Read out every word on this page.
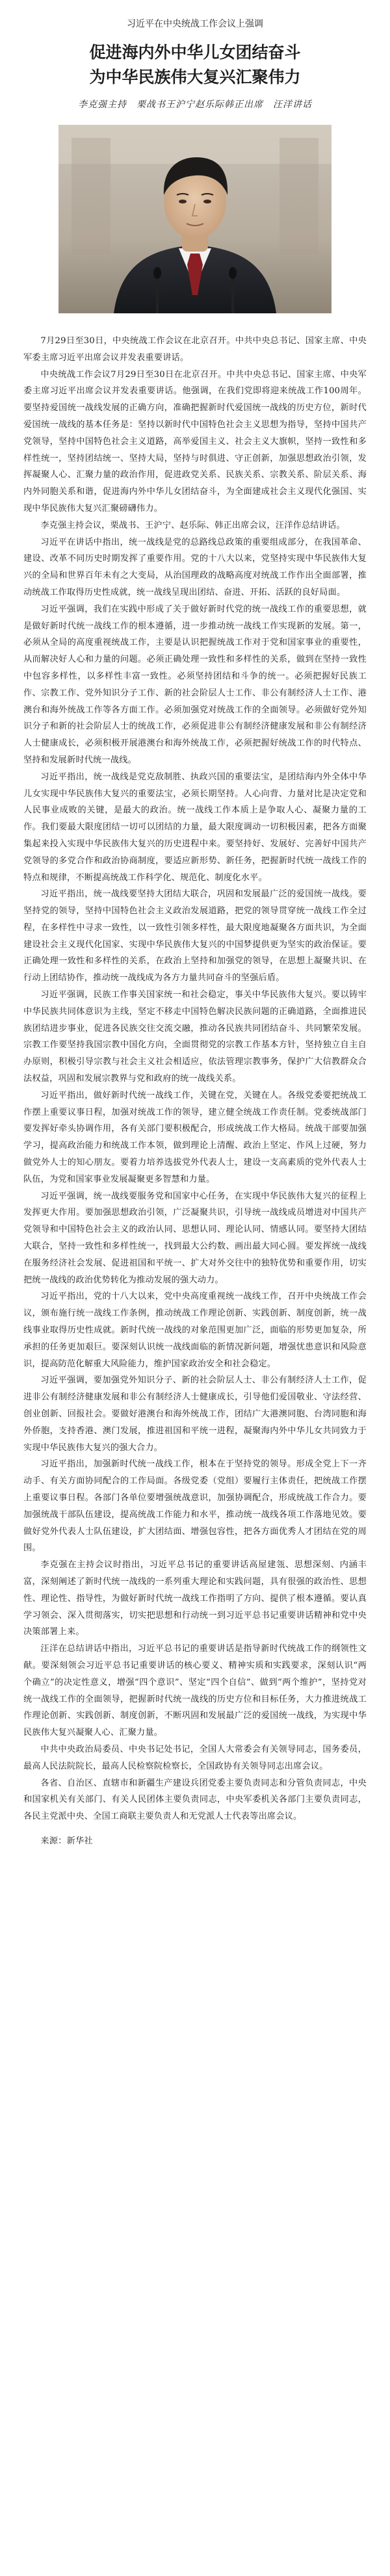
习近平在中央统战工作会议上强调
促进海内外中华儿女团结奋斗
为中华民族伟大复兴汇聚伟力
李克强主持　栗战书王沪宁赵乐际韩正出席　汪洋讲话

7月29日至30日，中央统战工作会议在北京召开。中共中央总书记、国家主席、中央军委主席习近平出席会议并发表重要讲话。

中央统战工作会议7月29日至30日在北京召开。中共中央总书记、国家主席、中央军委主席习近平出席会议并发表重要讲话。他强调，在我们党即将迎来统战工作100周年。要坚持爱国统一战线发展的正确方向，准确把握新时代爱国统一战线的历史方位，新时代爱国统一战线的基本任务是：坚持以新时代中国特色社会主义思想为指导，坚持中国共产党领导，坚持中国特色社会主义道路，高举爱国主义、社会主义大旗帜，坚持一致性和多样性统一，坚持团结统一、坚持大局，坚持与时俱进、守正创新，加强思想政治引领，发挥凝聚人心、汇聚力量的政治作用，促进政党关系、民族关系、宗教关系、阶层关系、海内外同胞关系和谐，促进海内外中华儿女团结奋斗，为全面建成社会主义现代化强国、实现中华民族伟大复兴汇聚磅礴伟力。

李克强主持会议，栗战书、王沪宁、赵乐际、韩正出席会议，汪洋作总结讲话。

习近平在讲话中指出，统一战线是党的总路线总政策的重要组成部分，在我国革命、建设、改革不同历史时期发挥了重要作用。党的十八大以来，党坚持实现中华民族伟大复兴的全局和世界百年未有之大变局，从治国理政的战略高度对统战工作作出全面部署，推动统战工作取得历史性成就，统一战线呈现出团结、奋进、开拓、活跃的良好局面。

习近平强调，我们在实践中形成了关于做好新时代党的统一战线工作的重要思想，就是做好新时代统一战线工作的根本遵循，进一步推动统一战线工作实现新的发展。第一，必须从全局的高度重视统战工作，主要是认识把握统战工作对于党和国家事业的重要性，从而解决好人心和力量的问题。必须正确处理一致性和多样性的关系，做到在坚持一致性中包容多样性，以多样性丰富一致性。必须坚持团结和斗争的统一。必须把握好民族工作、宗教工作、党外知识分子工作、新的社会阶层人士工作、非公有制经济人士工作、港澳台和海外统战工作等各方面工作。必须加强党对统战工作的全面领导。必须做好党外知识分子和新的社会阶层人士的统战工作，必须促进非公有制经济健康发展和非公有制经济人士健康成长，必须积极开展港澳台和海外统战工作，必须把握好统战工作的时代特点、坚持和发展新时代统一战线。

习近平指出，统一战线是党克敌制胜、执政兴国的重要法宝，是团结海内外全体中华儿女实现中华民族伟大复兴的重要法宝，必须长期坚持。人心向背、力量对比是决定党和人民事业成败的关键，是最大的政治。统一战线工作本质上是争取人心、凝聚力量的工作。我们要最大限度团结一切可以团结的力量，最大限度调动一切积极因素，把各方面聚集起来投入实现中华民族伟大复兴的历史进程中来。要坚持好、发展好、完善好中国共产党领导的多党合作和政治协商制度，要适应新形势、新任务，把握新时代统一战线工作的特点和规律，不断提高统战工作科学化、规范化、制度化水平。

习近平指出，统一战线要坚持大团结大联合，巩固和发展最广泛的爱国统一战线。要坚持党的领导，坚持中国特色社会主义政治发展道路，把党的领导贯穿统一战线工作全过程，在多样性中寻求一致性，以一致性引领多样性，最大限度地凝聚各方面共识，为全面建设社会主义现代化国家、实现中华民族伟大复兴的中国梦提供更为坚实的政治保证。要正确处理一致性和多样性的关系，在政治上坚持和加强党的领导，在思想上凝聚共识、在行动上团结协作，推动统一战线成为各方力量共同奋斗的坚强后盾。

习近平强调，民族工作事关国家统一和社会稳定，事关中华民族伟大复兴。要以铸牢中华民族共同体意识为主线，坚定不移走中国特色解决民族问题的正确道路，全面推进民族团结进步事业，促进各民族交往交流交融，推动各民族共同团结奋斗、共同繁荣发展。宗教工作要坚持我国宗教中国化方向，全面贯彻党的宗教工作基本方针，坚持独立自主自办原则，积极引导宗教与社会主义社会相适应，依法管理宗教事务，保护广大信教群众合法权益，巩固和发展宗教界与党和政府的统一战线关系。

习近平指出，做好新时代统一战线工作，关键在党，关键在人。各级党委要把统战工作摆上重要议事日程，加强对统战工作的领导，建立健全统战工作责任制。党委统战部门要发挥好牵头协调作用，各有关部门要积极配合，形成统战工作大格局。统战干部要加强学习，提高政治能力和统战工作本领，做到理论上清醒、政治上坚定、作风上过硬，努力做党外人士的知心朋友。要着力培养选拔党外代表人士，建设一支高素质的党外代表人士队伍，为党和国家事业发展凝聚更多智慧和力量。

习近平强调，统一战线要服务党和国家中心任务，在实现中华民族伟大复兴的征程上发挥更大作用。要加强思想政治引领，广泛凝聚共识，引导统一战线成员增进对中国共产党领导和中国特色社会主义的政治认同、思想认同、理论认同、情感认同。要坚持大团结大联合，坚持一致性和多样性统一，找到最大公约数、画出最大同心圆。要发挥统一战线在服务经济社会发展、促进祖国和平统一、扩大对外交往中的独特优势和重要作用，切实把统一战线的政治优势转化为推动发展的强大动力。

习近平指出，党的十八大以来，党中央高度重视统一战线工作，召开中央统战工作会议，颁布施行统一战线工作条例，推动统战工作理论创新、实践创新、制度创新，统一战线事业取得历史性成就。新时代统一战线的对象范围更加广泛，面临的形势更加复杂，所承担的任务更加艰巨。要深刻认识统一战线面临的新情况新问题，增强忧患意识和风险意识，提高防范化解重大风险能力，维护国家政治安全和社会稳定。

习近平强调，要加强党外知识分子、新的社会阶层人士、非公有制经济人士工作，促进非公有制经济健康发展和非公有制经济人士健康成长，引导他们爱国敬业、守法经营、创业创新、回报社会。要做好港澳台和海外统战工作，团结广大港澳同胞、台湾同胞和海外侨胞，支持香港、澳门发展，推进祖国和平统一进程，凝聚海内外中华儿女共同致力于实现中华民族伟大复兴的强大合力。

习近平指出，加强新时代统一战线工作，根本在于坚持党的领导。形成全党上下一齐动手、有关方面协同配合的工作局面。各级党委（党组）要履行主体责任，把统战工作摆上重要议事日程。各部门各单位要增强统战意识，加强协调配合，形成统战工作合力。要加强统战干部队伍建设，提高统战工作能力和水平，推动统一战线各项工作落地见效。要做好党外代表人士队伍建设，扩大团结面、增强包容性，把各方面优秀人才团结在党的周围。

李克强在主持会议时指出，习近平总书记的重要讲话高屋建瓴、思想深刻、内涵丰富，深刻阐述了新时代统一战线的一系列重大理论和实践问题，具有很强的政治性、思想性、理论性、指导性，为做好新时代统一战线工作指明了方向、提供了根本遵循。要认真学习领会、深入贯彻落实，切实把思想和行动统一到习近平总书记重要讲话精神和党中央决策部署上来。

汪洋在总结讲话中指出，习近平总书记的重要讲话是指导新时代统战工作的纲领性文献。要深刻领会习近平总书记重要讲话的核心要义、精神实质和实践要求，深刻认识“两个确立”的决定性意义，增强“四个意识”、坚定“四个自信”、做到“两个维护”，坚持党对统一战线工作的全面领导，把握新时代统一战线的历史方位和目标任务，大力推进统战工作理论创新、实践创新、制度创新，不断巩固和发展最广泛的爱国统一战线，为实现中华民族伟大复兴凝聚人心、汇聚力量。

中共中央政治局委员、中央书记处书记，全国人大常委会有关领导同志，国务委员，最高人民法院院长，最高人民检察院检察长，全国政协有关领导同志出席会议。

各省、自治区、直辖市和新疆生产建设兵团党委主要负责同志和分管负责同志，中央和国家机关有关部门、有关人民团体主要负责同志，中央军委机关各部门主要负责同志，各民主党派中央、全国工商联主要负责人和无党派人士代表等出席会议。

来源：新华社
